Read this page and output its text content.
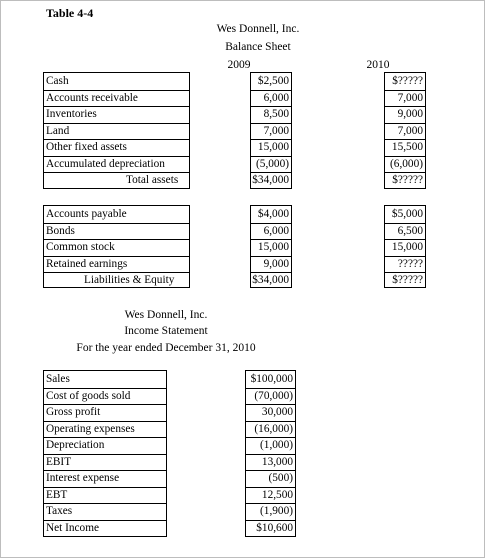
Table 4-4
Wes Donnell, Inc.
Balance Sheet
2009	2010
Cash
Accounts receivable
Inventories
Land
Other fixed assets
Accumulated depreciation
Total assets
$2,500
6,000
8,500
7,000
15,000
(5,000)
$34,000
$?????
7,000
9,000
7,000
15,500
(6,000)
$?????
Accounts payable
Bonds
Common stock
Retained earnings
Liabilities & Equity
$4,000
6,000
15,000
9,000
$34,000
$5,000
6,500
15,000
?????
$?????
Wes Donnell, Inc.
Income Statement
For the year ended December 31, 2010
Sales
Cost of goods sold
Gross profit
Operating expenses
Depreciation
EBIT
Interest expense
EBT
Taxes
Net Income
$100,000
(70,000)
30,000
(16,000)
(1,000)
13,000
(500)
12,500
(1,900)
$10,600
